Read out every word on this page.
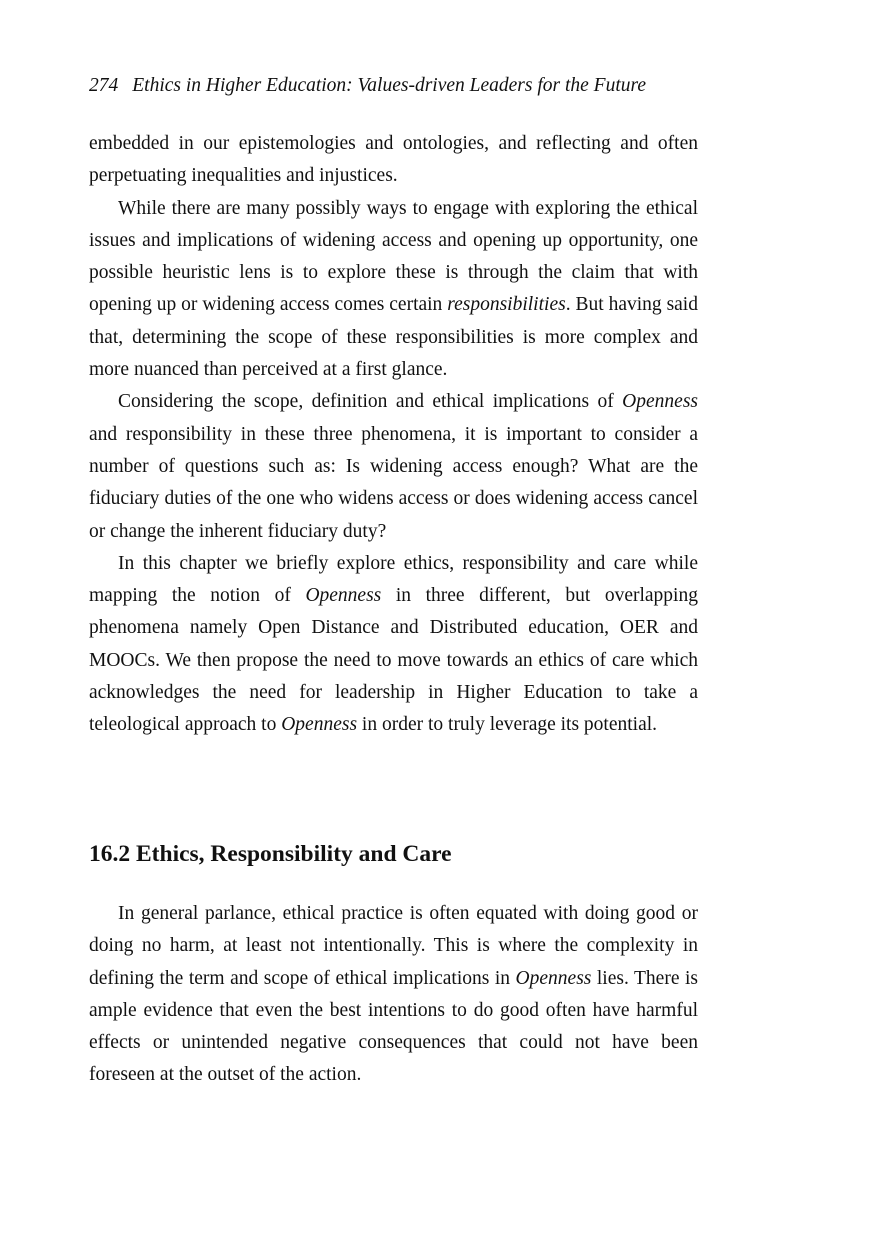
274 Ethics in Higher Education: Values-driven Leaders for the Future

embedded in our epistemologies and ontologies, and reflecting and often perpetuating inequalities and injustices.

While there are many possibly ways to engage with exploring the ethical issues and implications of widening access and opening up opportunity, one possible heuristic lens is to explore these is through the claim that with opening up or widening access comes certain responsibilities. But having said that, determining the scope of these responsibilities is more complex and more nuanced than perceived at a first glance.

Considering the scope, definition and ethical implications of Openness and responsibility in these three phenomena, it is important to consider a number of questions such as: Is widening access enough? What are the fiduciary duties of the one who widens access or does widening access cancel or change the inherent fiduciary duty?

In this chapter we briefly explore ethics, responsibility and care while mapping the notion of Openness in three different, but overlapping phenomena namely Open Distance and Distributed education, OER and MOOCs. We then propose the need to move towards an ethics of care which acknowledges the need for leadership in Higher Education to take a teleological approach to Openness in order to truly leverage its potential.

16.2 Ethics, Responsibility and Care

In general parlance, ethical practice is often equated with doing good or doing no harm, at least not intentionally. This is where the complexity in defining the term and scope of ethical implications in Openness lies. There is ample evidence that even the best intentions to do good often have harmful effects or unintended negative consequences that could not have been foreseen at the outset of the action.
